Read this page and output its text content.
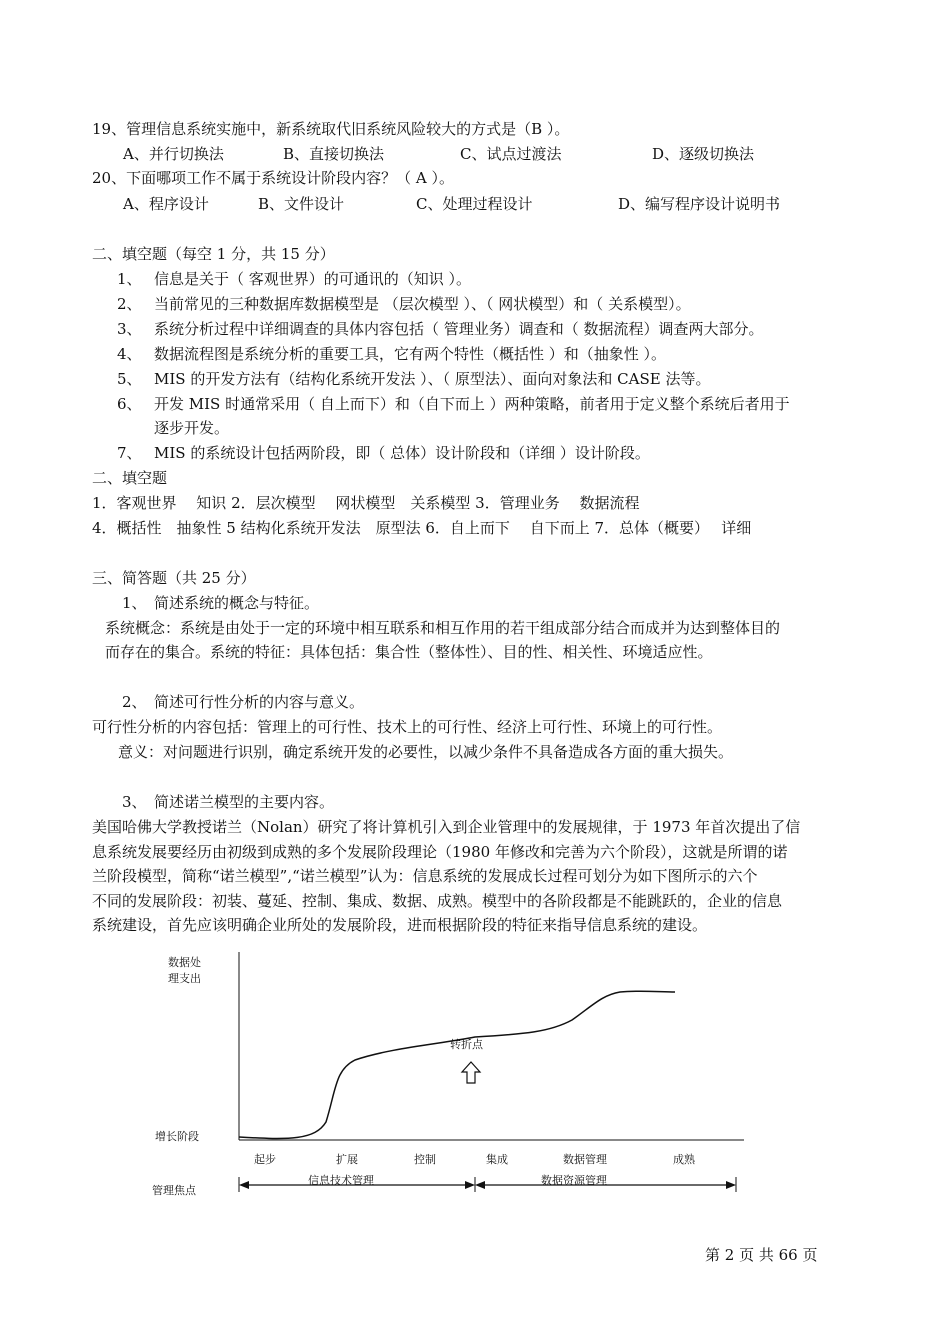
19、管理信息系统实施中，新系统取代旧系统风险较大的方式是（B ）。
A、并行切换法	B、直接切换法	C、试点过渡法	D、逐级切换法
20、下面哪项工作不属于系统设计阶段内容？（ A ）。
A、程序设计	B、文件设计	C、处理过程设计	D、编写程序设计说明书
二、填空题（每空 1 分，共 15 分）
1、 信息是关于（ 客观世界）的可通讯的（知识 ）。
2、 当前常见的三种数据库数据模型是 （层次模型 ）、（ 网状模型）和（ 关系模型）。
3、 系统分析过程中详细调查的具体内容包括（ 管理业务）调查和（ 数据流程）调查两大部分。
4、 数据流程图是系统分析的重要工具，它有两个特性（概括性 ）和（抽象性 ）。
5、 MIS 的开发方法有（结构化系统开发法 ）、（ 原型法）、面向对象法和 CASE 法等。
6、 开发 MIS 时通常采用（ 自上而下）和（自下而上 ）两种策略，前者用于定义整个系统后者用于
逐步开发。
7、 MIS 的系统设计包括两阶段，即（ 总体）设计阶段和（详细 ）设计阶段。
二、填空题
1．客观世界　 知识 2．层次模型　 网状模型　关系模型 3．管理业务　 数据流程
4．概括性　抽象性 5 结构化系统开发法　原型法 6．自上而下　 自下而上 7．总体（概要）　 详细
三、简答题（共 25 分）
1、　简述系统的概念与特征。
系统概念：系统是由处于一定的环境中相互联系和相互作用的若干组成部分结合而成并为达到整体目的
而存在的集合。系统的特征：具体包括：集合性（整体性）、目的性、相关性、环境适应性。
2、　简述可行性分析的内容与意义。
可行性分析的内容包括：管理上的可行性、技术上的可行性、经济上可行性、环境上的可行性。
意义：对问题进行识别，确定系统开发的必要性，以减少条件不具备造成各方面的重大损失。
3、　简述诺兰模型的主要内容。
美国哈佛大学教授诺兰（Nolan）研究了将计算机引入到企业管理中的发展规律，于 1973 年首次提出了信
息系统发展要经历由初级到成熟的多个发展阶段理论（1980 年修改和完善为六个阶段），这就是所谓的诺
兰阶段模型，简称“诺兰模型”,“诺兰模型”认为：信息系统的发展成长过程可划分为如下图所示的六个
不同的发展阶段：初装、蔓延、控制、集成、数据、成熟。模型中的各阶段都是不能跳跃的，企业的信息
系统建设，首先应该明确企业所处的发展阶段，进而根据阶段的特征来指导信息系统的建设。
数据处
理支出
增长阶段
转折点
起步	扩展	控制	集成	数据管理	成熟
管理焦点
信息技术管理	数据资源管理
第 2 页 共 66 页
